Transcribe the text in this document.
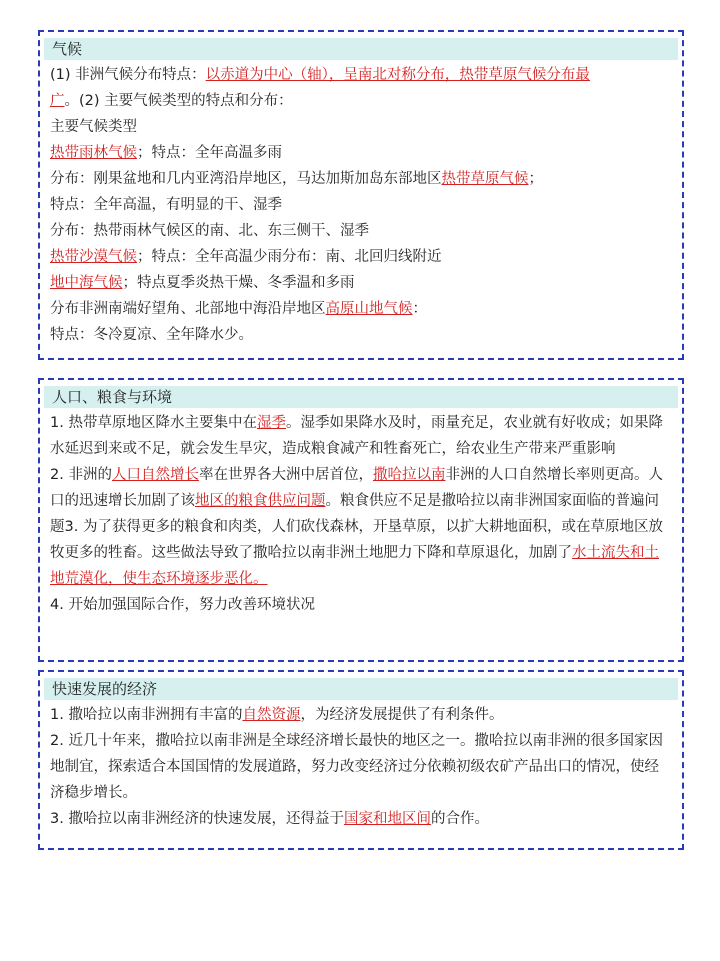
气候
(1) 非洲气候分布特点：以赤道为中心（轴），呈南北对称分布，热带草原气候分布最
广。(2) 主要气候类型的特点和分布：
主要气候类型
热带雨林气候；特点：全年高温多雨
分布：刚果盆地和几内亚湾沿岸地区，马达加斯加岛东部地区热带草原气候；
特点：全年高温，有明显的干、湿季
分布：热带雨林气候区的南、北、东三侧干、湿季
热带沙漠气候；特点：全年高温少雨分布：南、北回归线附近
地中海气候；特点夏季炎热干燥、冬季温和多雨
分布非洲南端好望角、北部地中海沿岸地区高原山地气候：
特点：冬冷夏凉、全年降水少。
人口、粮食与环境
1. 热带草原地区降水主要集中在湿季。湿季如果降水及时，雨量充足，农业就有好收成；如果降水延迟到来或不足，就会发生旱灾，造成粮食减产和牲畜死亡，给农业生产带来严重影响
2. 非洲的人口自然增长率在世界各大洲中居首位，撒哈拉以南非洲的人口自然增长率则更高。人口的迅速增长加剧了该地区的粮食供应问题。粮食供应不足是撒哈拉以南非洲国家面临的普遍问题3. 为了获得更多的粮食和肉类，人们砍伐森林，开垦草原，以扩大耕地面积，或在草原地区放牧更多的牲畜。这些做法导致了撒哈拉以南非洲土地肥力下降和草原退化，加剧了水土流失和土地荒漠化，使生态环境逐步恶化。
4. 开始加强国际合作，努力改善环境状况
快速发展的经济
1. 撒哈拉以南非洲拥有丰富的自然资源，为经济发展提供了有利条件。
2. 近几十年来，撒哈拉以南非洲是全球经济增长最快的地区之一。撒哈拉以南非洲的很多国家因地制宜，探索适合本国国情的发展道路，努力改变经济过分依赖初级农矿产品出口的情况，使经济稳步增长。
3. 撒哈拉以南非洲经济的快速发展，还得益于国家和地区间的合作。
